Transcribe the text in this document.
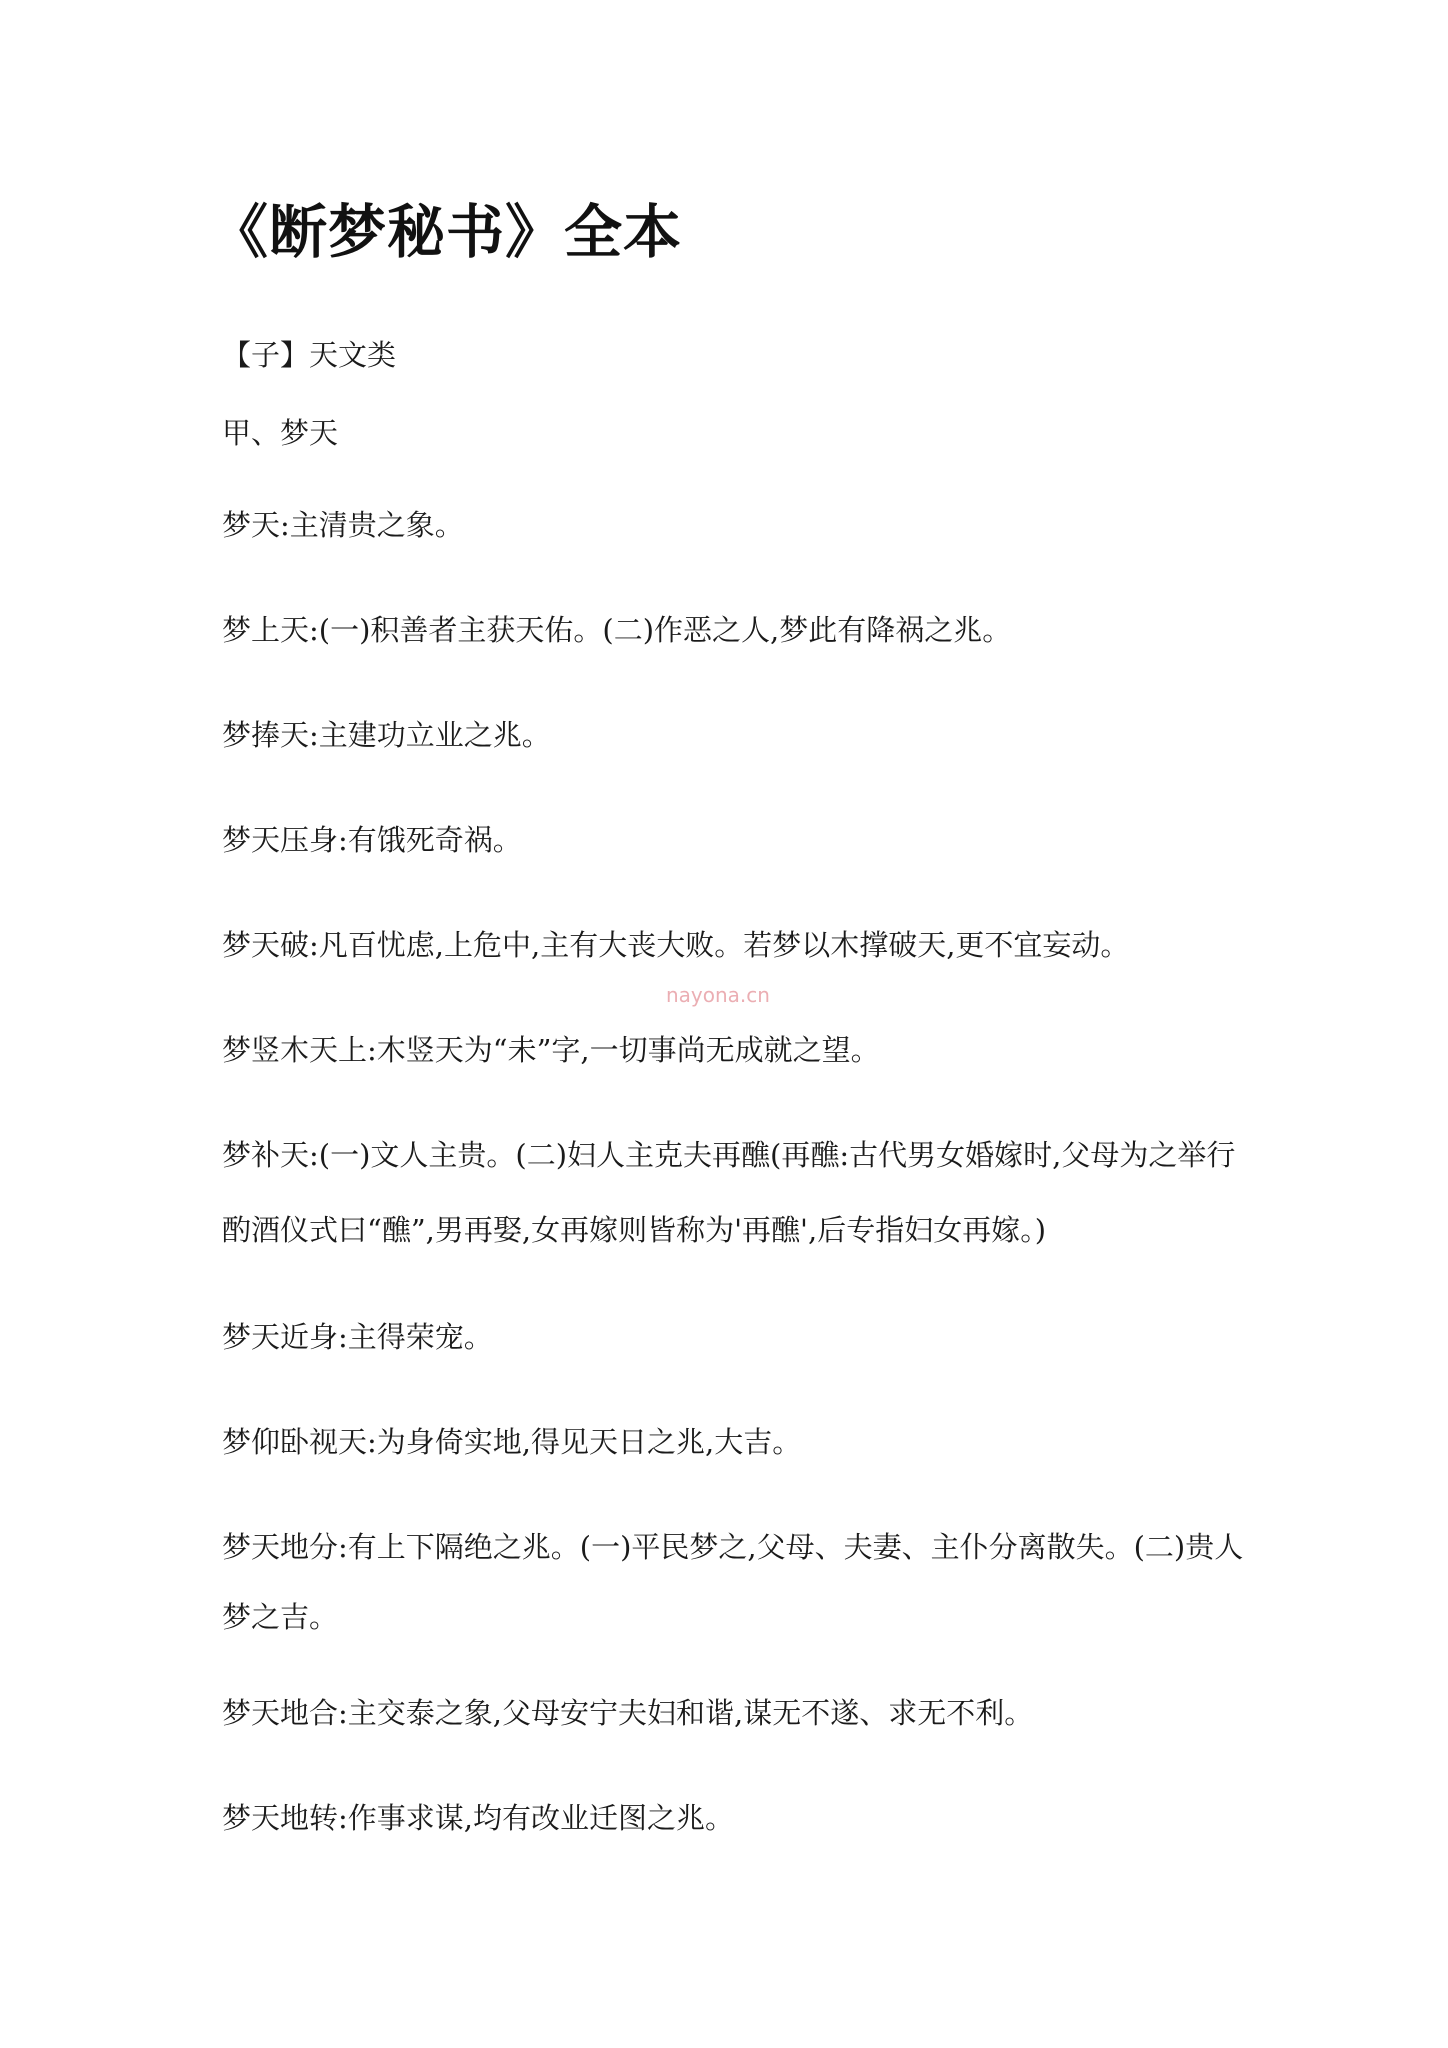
《断梦秘书》全本
【子】天文类
甲、梦天
梦天:主清贵之象。
梦上天:(一)积善者主获天佑。(二)作恶之人,梦此有降祸之兆。
梦捧天:主建功立业之兆。
梦天压身:有饿死奇祸。
梦天破:凡百忧虑,上危中,主有大丧大败。若梦以木撑破天,更不宜妄动。
梦竖木天上:木竖天为“未”字,一切事尚无成就之望。
梦补天:(一)文人主贵。(二)妇人主克夫再醮(再醮:古代男女婚嫁时,父母为之举行
酌酒仪式曰“醮”,男再娶,女再嫁则皆称为'再醮',后专指妇女再嫁。)
梦天近身:主得荣宠。
梦仰卧视天:为身倚实地,得见天日之兆,大吉。
梦天地分:有上下隔绝之兆。(一)平民梦之,父母、夫妻、主仆分离散失。(二)贵人
梦之吉。
梦天地合:主交泰之象,父母安宁夫妇和谐,谋无不遂、求无不利。
梦天地转:作事求谋,均有改业迁图之兆。
nayona.cn
